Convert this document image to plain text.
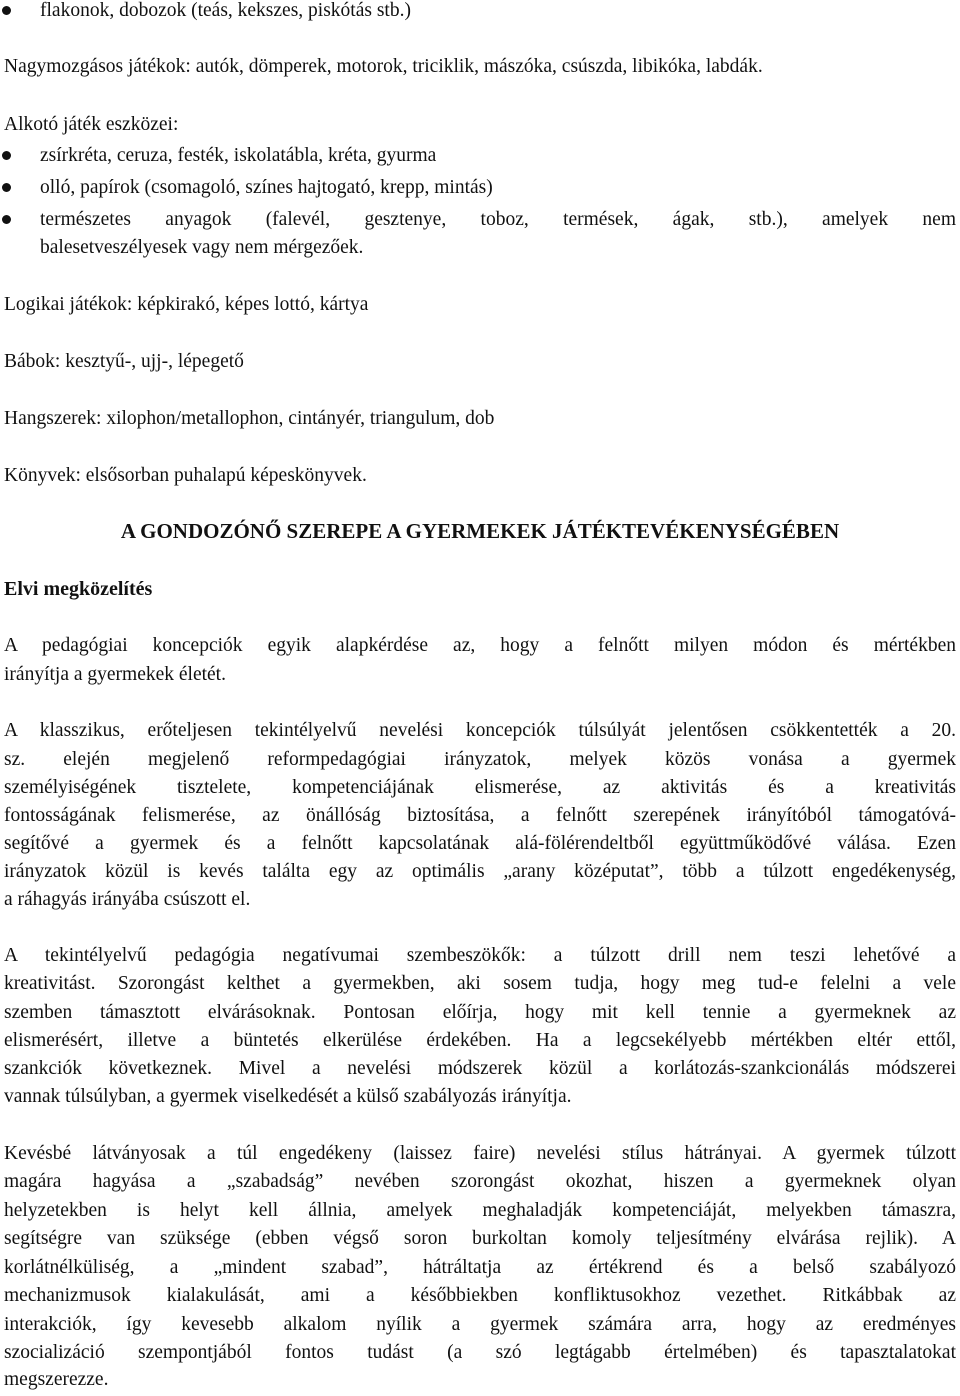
flakonok, dobozok (teás, kekszes, piskótás stb.)
Nagymozgásos játékok: autók, dömperek, motorok, triciklik, mászóka, csúszda, libikóka, labdák.
Alkotó játék eszközei:
zsírkréta, ceruza, festék, iskolatábla, kréta, gyurma
olló, papírok (csomagoló, színes hajtogató, krepp, mintás)
természetes anyagok (falevél, gesztenye, toboz, termések, ágak, stb.), amelyek nem
balesetveszélyesek vagy nem mérgezőek.
Logikai játékok: képkirakó, képes lottó, kártya
Bábok: kesztyű-, ujj-, lépegető
Hangszerek: xilophon/metallophon, cintányér, triangulum, dob
Könyvek: elsősorban puhalapú képeskönyvek.
A GONDOZÓNŐ SZEREPE A GYERMEKEK JÁTÉKTEVÉKENYSÉGÉBEN
Elvi megközelítés
A pedagógiai koncepciók egyik alapkérdése az, hogy a felnőtt milyen módon és mértékben
irányítja a gyermekek életét.
A klasszikus, erőteljesen tekintélyelvű nevelési koncepciók túlsúlyát jelentősen csökkentették a 20.
sz. elején megjelenő reformpedagógiai irányzatok, melyek közös vonása a gyermek
személyiségének tisztelete, kompetenciájának elismerése, az aktivitás és a kreativitás
fontosságának felismerése, az önállóság biztosítása, a felnőtt szerepének irányítóból támogatóvá-
segítővé a gyermek és a felnőtt kapcsolatának alá-fölérendeltből együttműködővé válása. Ezen
irányzatok közül is kevés találta egy az optimális „arany középutat”, több a túlzott engedékenység,
a ráhagyás irányába csúszott el.
A tekintélyelvű pedagógia negatívumai szembeszökők: a túlzott drill nem teszi lehetővé a
kreativitást. Szorongást kelthet a gyermekben, aki sosem tudja, hogy meg tud-e felelni a vele
szemben támasztott elvárásoknak. Pontosan előírja, hogy mit kell tennie a gyermeknek az
elismerésért, illetve a büntetés elkerülése érdekében. Ha a legcsekélyebb mértékben eltér ettől,
szankciók következnek. Mivel a nevelési módszerek közül a korlátozás-szankcionálás módszerei
vannak túlsúlyban, a gyermek viselkedését a külső szabályozás irányítja.
Kevésbé látványosak a túl engedékeny (laissez faire) nevelési stílus hátrányai. A gyermek túlzott
magára hagyása a „szabadság” nevében szorongást okozhat, hiszen a gyermeknek olyan
helyzetekben is helyt kell állnia, amelyek meghaladják kompetenciáját, melyekben támaszra,
segítségre van szüksége (ebben végső soron burkoltan komoly teljesítmény elvárása rejlik). A
korlátnélküliség, a „mindent szabad”, hátráltatja az értékrend és a belső szabályozó
mechanizmusok kialakulását, ami a későbbiekben konfliktusokhoz vezethet. Ritkábbak az
interakciók, így kevesebb alkalom nyílik a gyermek számára arra, hogy az eredményes
szocializáció szempontjából fontos tudást (a szó legtágabb értelmében) és tapasztalatokat
megszerezze.
